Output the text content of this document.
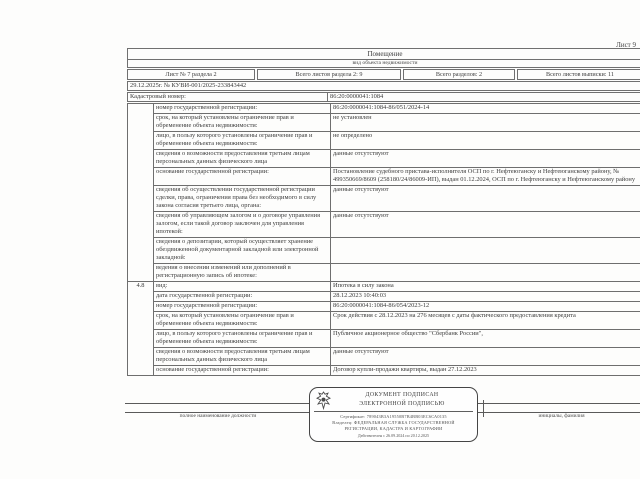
Лист 9
Помещение
вид объекта недвижимости
Лист № 7 раздела 2	Всего листов раздела 2: 9	Всего разделов: 2	Всего листов выписки: 11
29.12.2025г. № КУВИ-001/2025-233843442
Кадастровый номер:	86:20:0000041:1084
	номер государственной регистрации:	86:20:0000041:1084-86/051/2024-14
	срок, на который установлены ограничение прав и обременение объекта недвижимости:	не установлен
	лицо, в пользу которого установлены ограничение прав и обременение объекта недвижимости:	не определено
	сведения о возможности предоставления третьим лицам персональных данных физического лица	данные отсутствуют
	основание государственной регистрации:	Постановление судебного пристава-исполнителя ОСП по г. Нефтеюганску и Нефтеюганскому району, № 499350669/8609 (258180/24/86009-ИП), выдан 01.12.2024, ОСП по г. Нефтеюганску и Нефтеюганскому району
	сведения об осуществлении государственной регистрации сделки, права, ограничения права без необходимого в силу закона согласия третьего лица, органа:	данные отсутствуют
	сведения об управляющем залогом и о договоре управления залогом, если такой договор заключен для управления ипотекой:	данные отсутствуют
	сведения о депозитарии, который осуществляет хранение обездвиженной документарной закладной или электронной закладной:	
	ведения о внесении изменений или дополнений в регистрационную запись об ипотеке:	
4.8	вид:	Ипотека в силу закона
	дата государственной регистрации:	28.12.2023 10:40:03
	номер государственной регистрации:	86:20:0000041:1084-86/054/2023-12
	срок, на который установлены ограничение прав и обременение объекта недвижимости:	Срок действия с 28.12.2023 на 276 месяцев с даты фактического предоставления кредита
	лицо, в пользу которого установлены ограничение прав и обременение объекта недвижимости:	Публичное акционерное общество "Сбербанк России",
	сведения о возможности предоставления третьим лицам персональных данных физического лица	данные отсутствуют
	основание государственной регистрации:	Договор купли-продажи квартиры, выдан 27.12.2023
полное наименование должности	инициалы, фамилия
ДОКУМЕНТ ПОДПИСАН
ЭЛЕКТРОННОЙ ПОДПИСЬЮ
Сертификат: 789043В3А19550В7В4ВВ03ЕС6СА0135
Владелец: ФЕДЕРАЛЬНАЯ СЛУЖБА ГОСУДАРСТВЕННОЙ
РЕГИСТРАЦИИ, КАДАСТРА И КАРТОГРАФИИ
Действителен с 26.09.2024 по 20.12.2025
